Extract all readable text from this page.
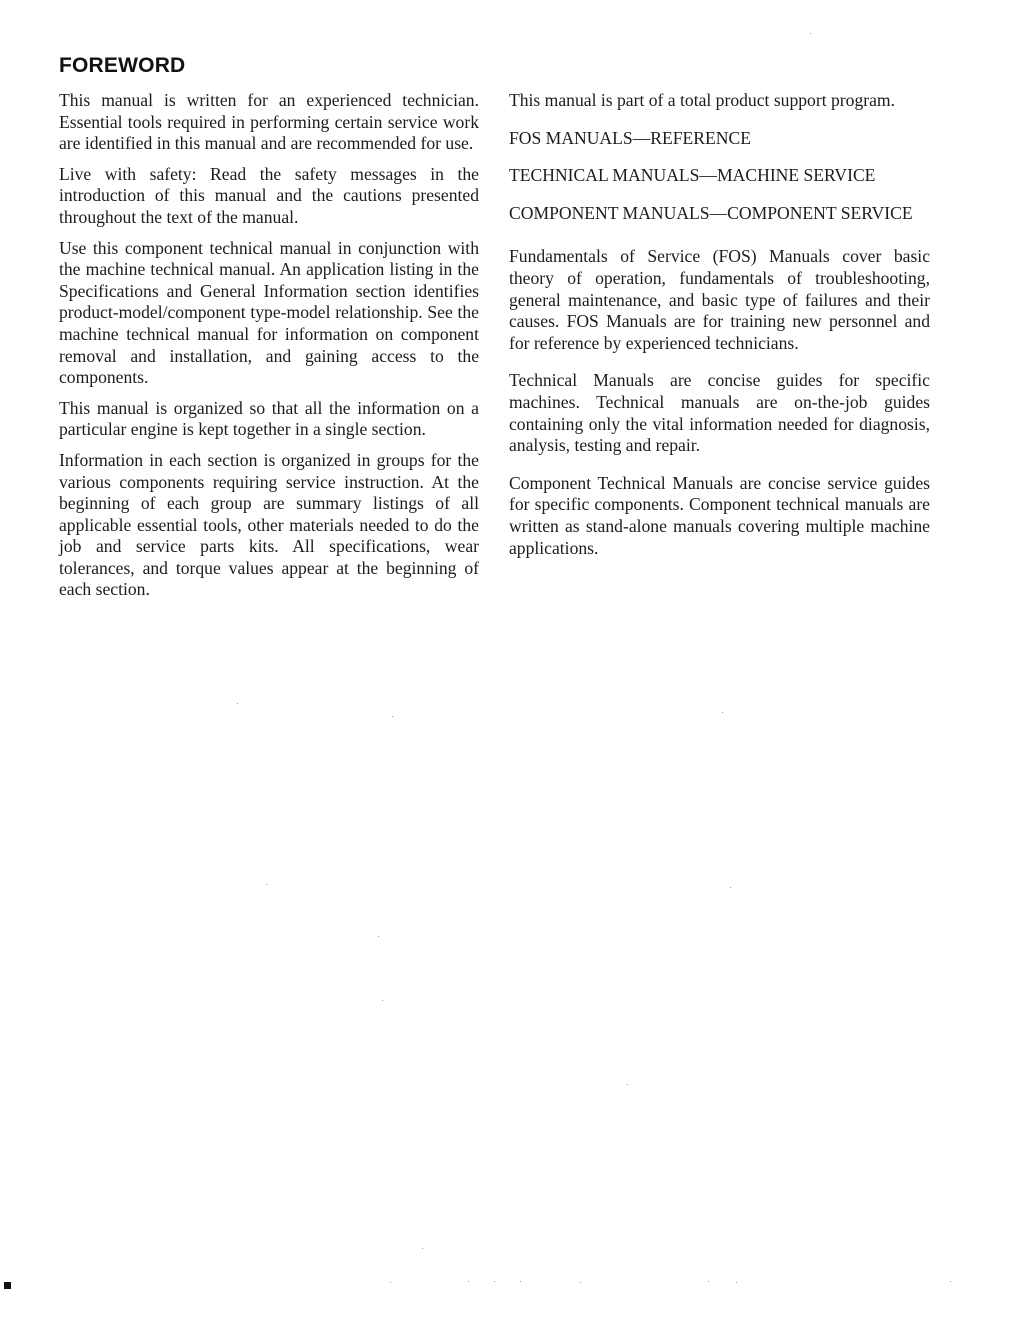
FOREWORD

This manual is written for an experienced technician. Essential tools required in performing certain service work are identified in this manual and are recommended for use.

Live with safety: Read the safety messages in the introduction of this manual and the cautions presented throughout the text of the manual.

Use this component technical manual in conjunction with the machine technical manual. An application listing in the Specifications and General Information section identifies product-model/component type-model relationship. See the machine technical manual for information on component removal and installation, and gaining access to the components.

This manual is organized so that all the information on a particular engine is kept together in a single section.

Information in each section is organized in groups for the various components requiring service instruction. At the beginning of each group are summary listings of all applicable essential tools, other materials needed to do the job and service parts kits. All specifications, wear tolerances, and torque values appear at the beginning of each section.

This manual is part of a total product support program.

FOS MANUALS—REFERENCE

TECHNICAL MANUALS—MACHINE SERVICE

COMPONENT MANUALS—COMPONENT SERVICE

Fundamentals of Service (FOS) Manuals cover basic theory of operation, fundamentals of troubleshooting, general maintenance, and basic type of failures and their causes. FOS Manuals are for training new personnel and for reference by experienced technicians.

Technical Manuals are concise guides for specific machines. Technical manuals are on-the-job guides containing only the vital information needed for diagnosis, analysis, testing and repair.

Component Technical Manuals are concise service guides for specific components. Component technical manuals are written as stand-alone manuals covering multiple machine applications.
